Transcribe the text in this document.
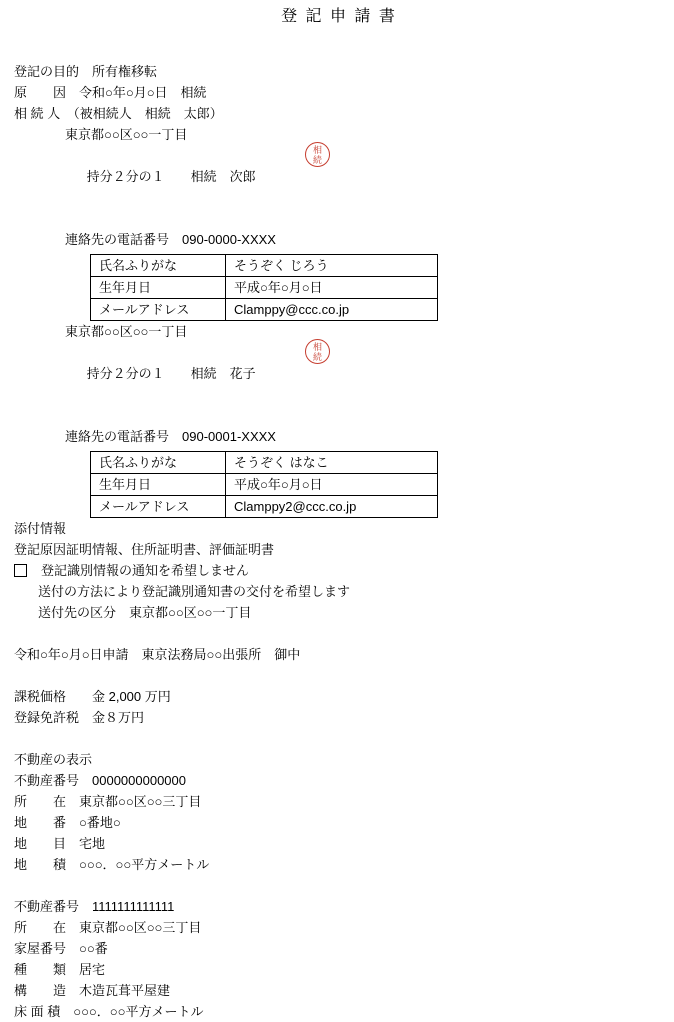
登 記 申 請 書
登記の目的　所有権移転
原　　因　令和○年○月○日　相続
相 続 人　（被相続人　相続　太郎）
東京都○○区○○一丁目

持分２分の１　　相続　次郎

相
続

連絡先の電話番号　090-0000-XXXX
氏名ふりがな	そうぞく じろう
生年月日	平成○年○月○日
メールアドレス	Clamppy@ccc.co.jp
東京都○○区○○一丁目

持分２分の１　　相続　花子

相
続

連絡先の電話番号　090-0001-XXXX
氏名ふりがな	そうぞく はなこ
生年月日	平成○年○月○日
メールアドレス	Clamppy2@ccc.co.jp
添付情報
登記原因証明情報、住所証明書、評価証明書
登記識別情報の通知を希望しません
送付の方法により登記識別通知書の交付を希望します
送付先の区分　東京都○○区○○一丁目
令和○年○月○日申請　東京法務局○○出張所　御中
課税価格　　金 2,000 万円
登録免許税　金８万円
不動産の表示
不動産番号　0000000000000
所　　在　東京都○○区○○三丁目
地　　番　○番地○
地　　目　宅地
地　　積　○○○．○○平方メートル
不動産番号　1111111111111
所　　在　東京都○○区○○三丁目
家屋番号　○○番
種　　類　居宅
構　　造　木造瓦葺平屋建
床 面 積　○○○．○○平方メートル
